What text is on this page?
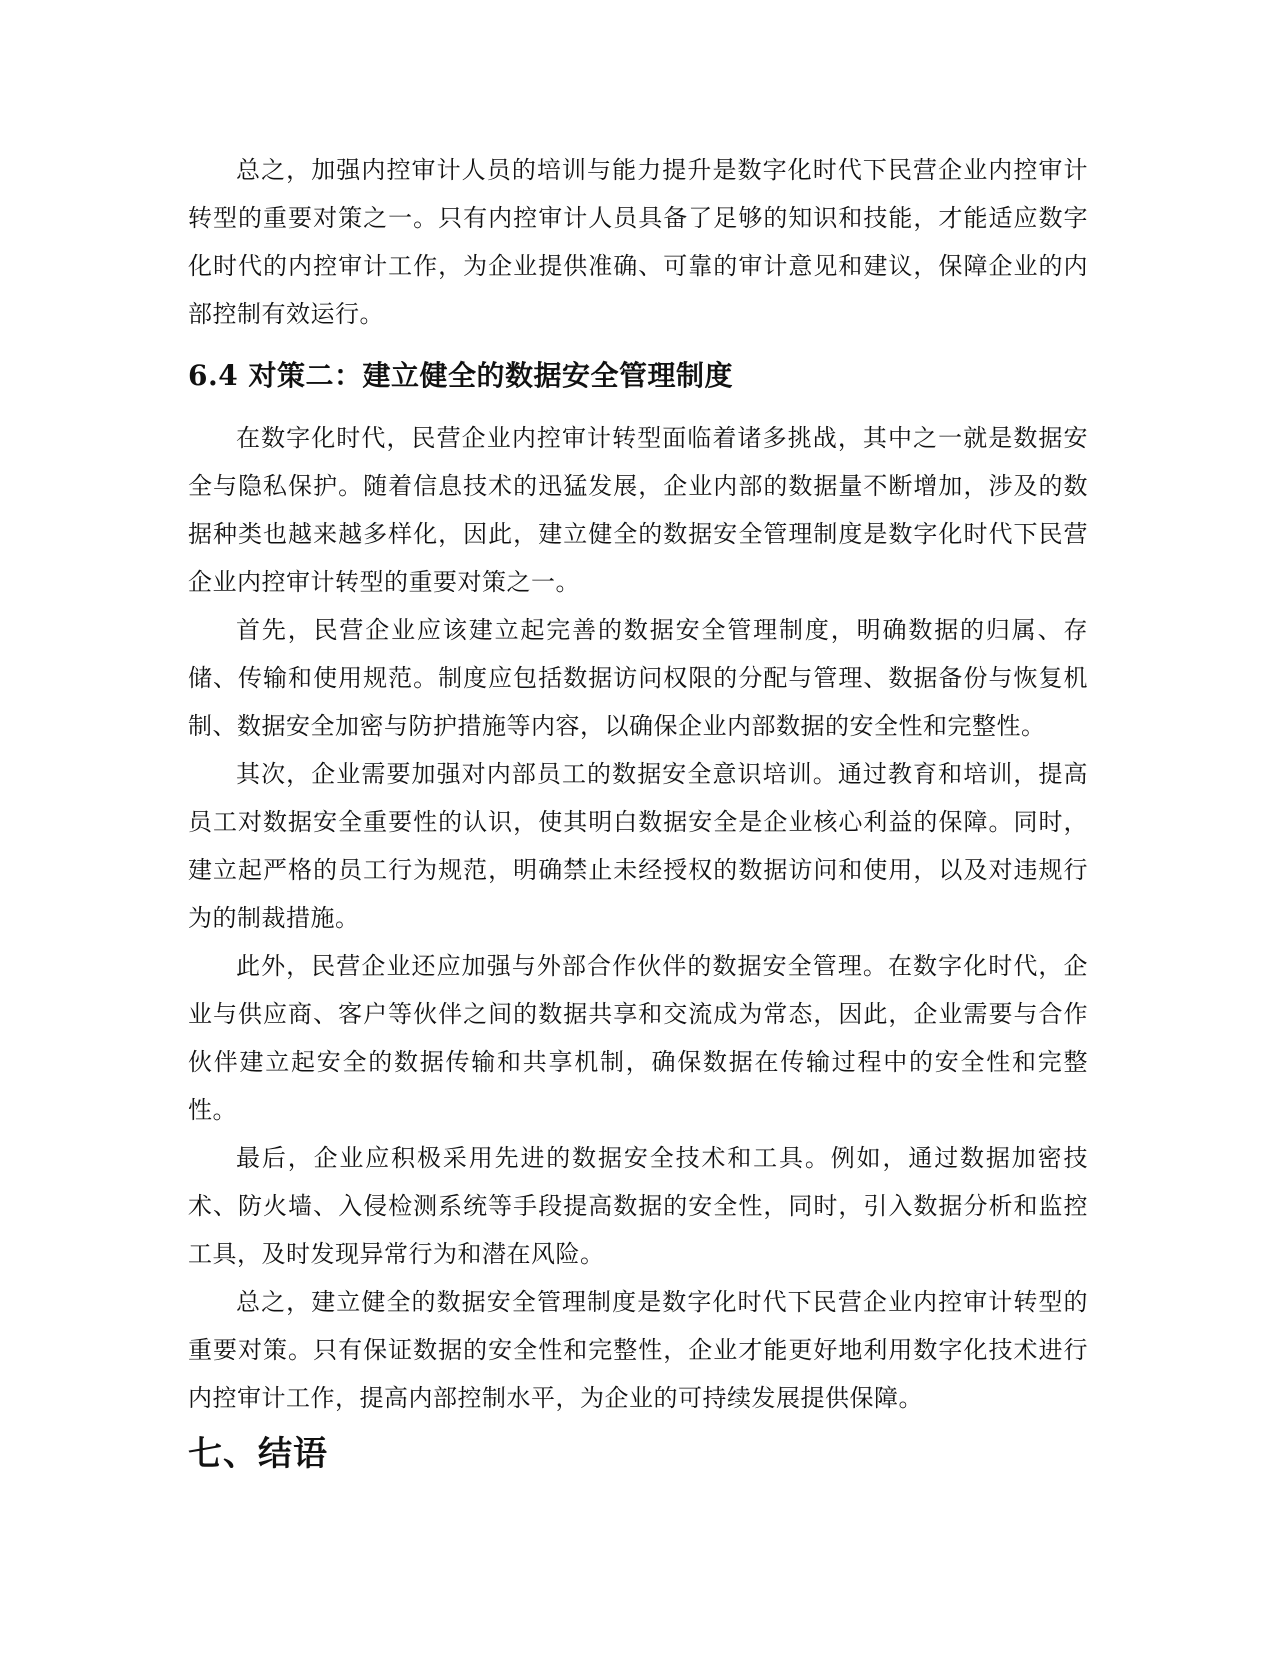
总之，加强内控审计人员的培训与能力提升是数字化时代下民营企业内控审计转型的重要对策之一。只有内控审计人员具备了足够的知识和技能，才能适应数字化时代的内控审计工作，为企业提供准确、可靠的审计意见和建议，保障企业的内部控制有效运行。

6.4 对策二：建立健全的数据安全管理制度

在数字化时代，民营企业内控审计转型面临着诸多挑战，其中之一就是数据安全与隐私保护。随着信息技术的迅猛发展，企业内部的数据量不断增加，涉及的数据种类也越来越多样化，因此，建立健全的数据安全管理制度是数字化时代下民营企业内控审计转型的重要对策之一。

首先，民营企业应该建立起完善的数据安全管理制度，明确数据的归属、存储、传输和使用规范。制度应包括数据访问权限的分配与管理、数据备份与恢复机制、数据安全加密与防护措施等内容，以确保企业内部数据的安全性和完整性。

其次，企业需要加强对内部员工的数据安全意识培训。通过教育和培训，提高员工对数据安全重要性的认识，使其明白数据安全是企业核心利益的保障。同时，建立起严格的员工行为规范，明确禁止未经授权的数据访问和使用，以及对违规行为的制裁措施。

此外，民营企业还应加强与外部合作伙伴的数据安全管理。在数字化时代，企业与供应商、客户等伙伴之间的数据共享和交流成为常态，因此，企业需要与合作伙伴建立起安全的数据传输和共享机制，确保数据在传输过程中的安全性和完整性。

最后，企业应积极采用先进的数据安全技术和工具。例如，通过数据加密技术、防火墙、入侵检测系统等手段提高数据的安全性，同时，引入数据分析和监控工具，及时发现异常行为和潜在风险。

总之，建立健全的数据安全管理制度是数字化时代下民营企业内控审计转型的重要对策。只有保证数据的安全性和完整性，企业才能更好地利用数字化技术进行内控审计工作，提高内部控制水平，为企业的可持续发展提供保障。

七、结语
